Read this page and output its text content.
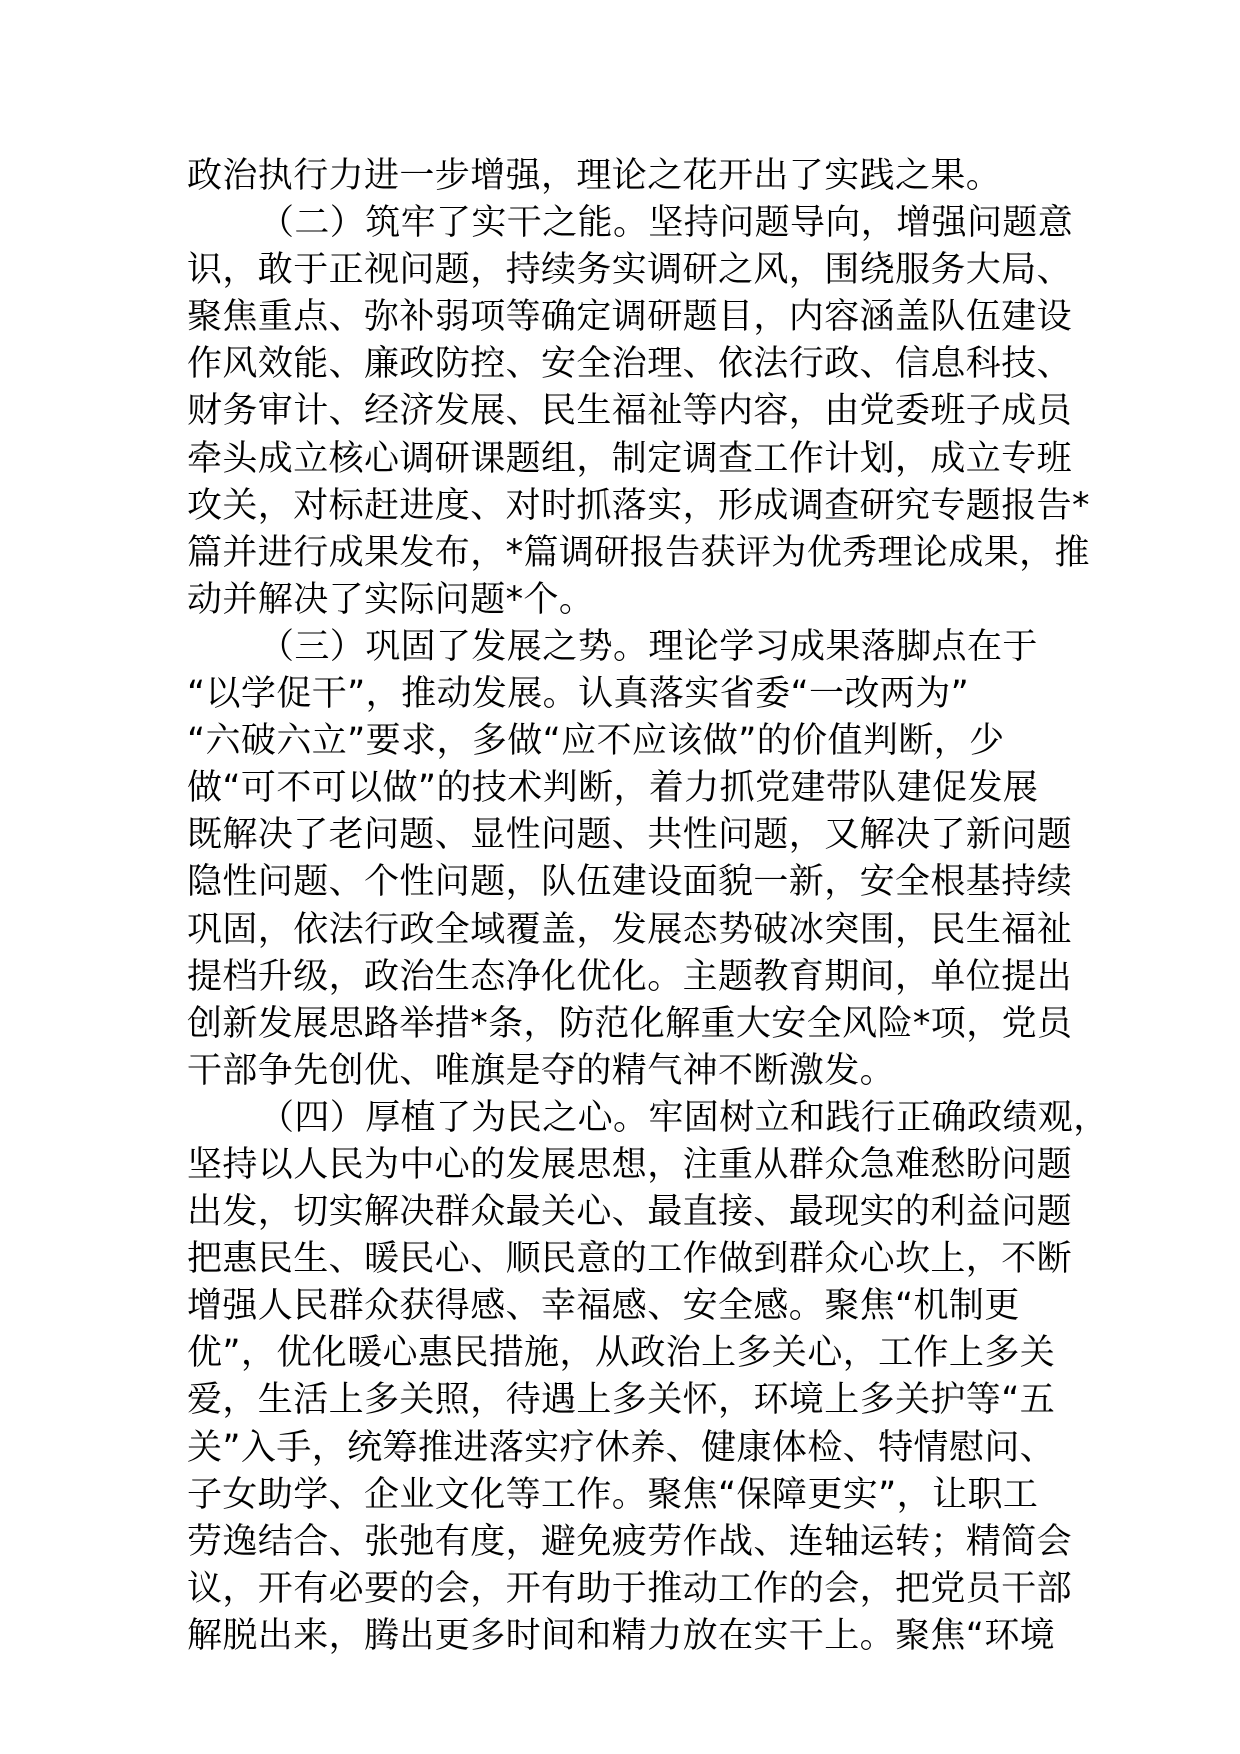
政治执行力进一步增强，理论之花开出了实践之果。
（二）筑牢了实干之能。坚持问题导向，增强问题意
识，敢于正视问题，持续务实调研之风，围绕服务大局、
聚焦重点、弥补弱项等确定调研题目，内容涵盖队伍建设
作风效能、廉政防控、安全治理、依法行政、信息科技、
财务审计、经济发展、民生福祉等内容，由党委班子成员
牵头成立核心调研课题组，制定调查工作计划，成立专班
攻关，对标赶进度、对时抓落实，形成调查研究专题报告*
篇并进行成果发布，*篇调研报告获评为优秀理论成果，推
动并解决了实际问题*个。
（三）巩固了发展之势。理论学习成果落脚点在于
“以学促干”，推动发展。认真落实省委“一改两为”
“六破六立”要求，多做“应不应该做”的价值判断，少
做“可不可以做”的技术判断，着力抓党建带队建促发展
既解决了老问题、显性问题、共性问题，又解决了新问题
隐性问题、个性问题，队伍建设面貌一新，安全根基持续
巩固，依法行政全域覆盖，发展态势破冰突围，民生福祉
提档升级，政治生态净化优化。主题教育期间，单位提出
创新发展思路举措*条，防范化解重大安全风险*项，党员
干部争先创优、唯旗是夺的精气神不断激发。
（四）厚植了为民之心。牢固树立和践行正确政绩观，
坚持以人民为中心的发展思想，注重从群众急难愁盼问题
出发，切实解决群众最关心、最直接、最现实的利益问题
把惠民生、暖民心、顺民意的工作做到群众心坎上，不断
增强人民群众获得感、幸福感、安全感。聚焦“机制更
优”，优化暖心惠民措施，从政治上多关心，工作上多关
爱，生活上多关照，待遇上多关怀，环境上多关护等“五
关”入手，统筹推进落实疗休养、健康体检、特情慰问、
子女助学、企业文化等工作。聚焦“保障更实”，让职工
劳逸结合、张弛有度，避免疲劳作战、连轴运转；精简会
议，开有必要的会，开有助于推动工作的会，把党员干部
解脱出来，腾出更多时间和精力放在实干上。聚焦“环境
